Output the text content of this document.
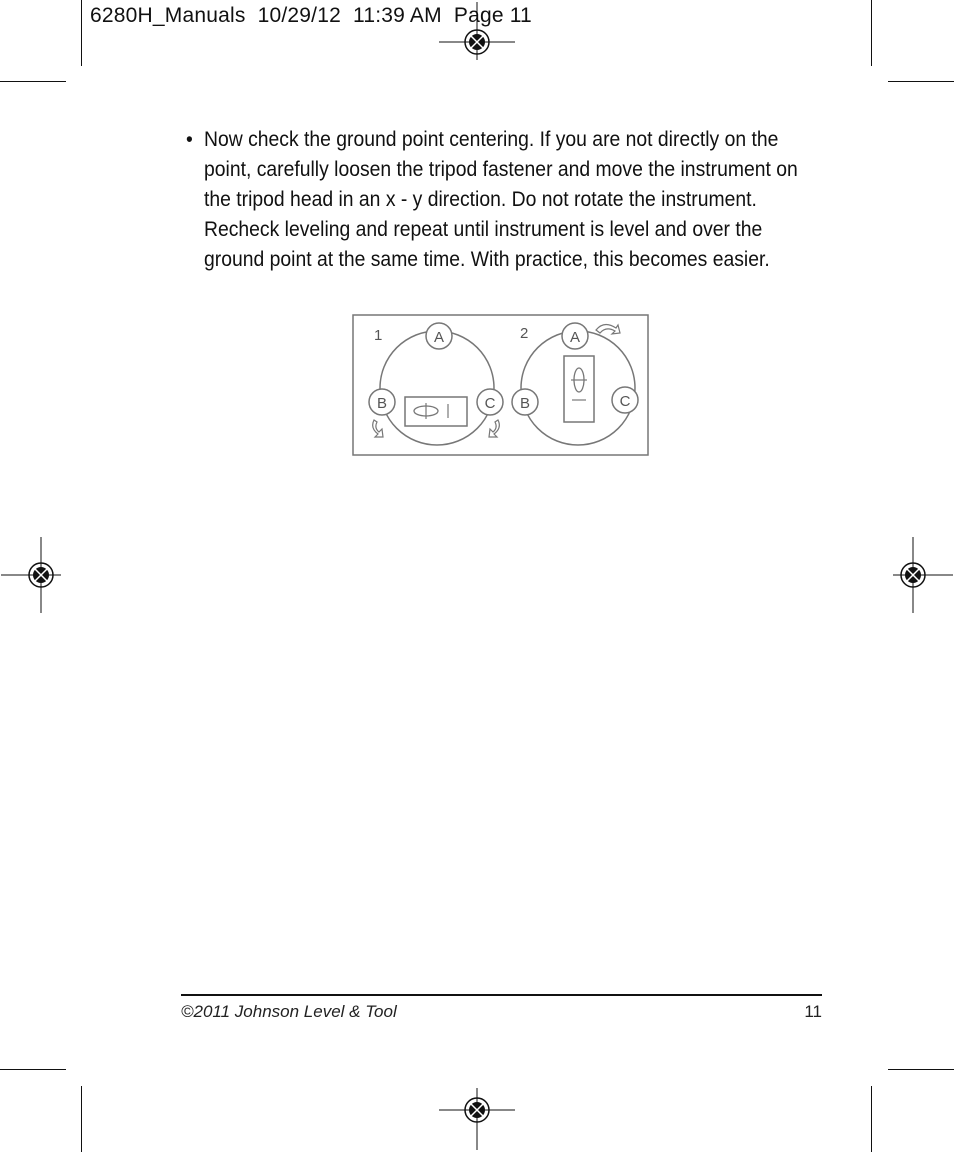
6280H_Manuals  10/29/12  11:39 AM  Page 11
• Now check the ground point centering. If you are not directly on the
point, carefully loosen the tripod fastener and move the instrument on
the tripod head in an x - y direction. Do not rotate the instrument.
Recheck leveling and repeat until instrument is level and over the
ground point at the same time. With practice, this becomes easier.
1	A
B	C
2	A
B	C
©2011 Johnson Level & Tool	11
